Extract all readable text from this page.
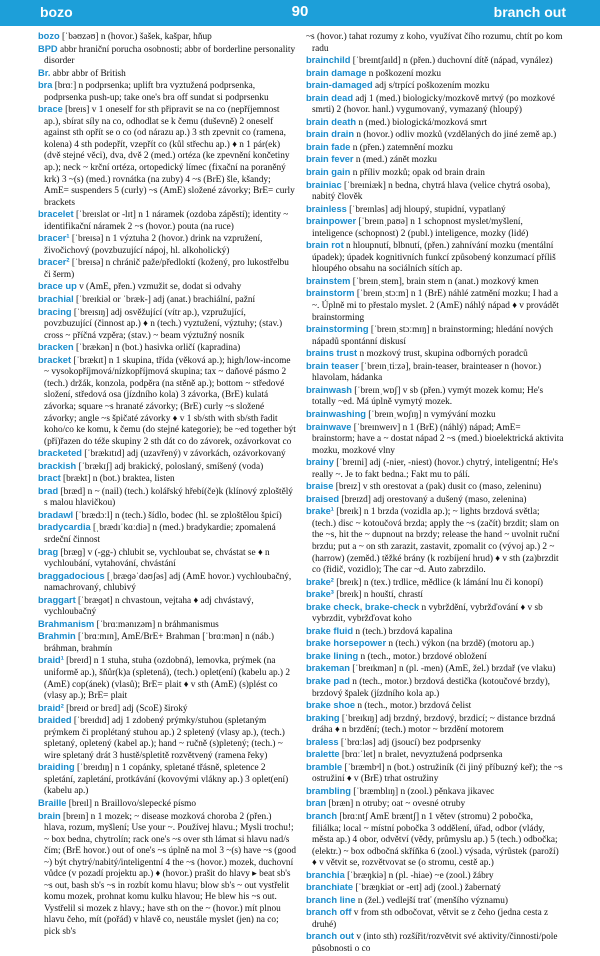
bozo	90	branch out
bozo [ˈbəʊzəʊ] n (hovor.) šašek, kašpar, hňup
BPD abbr hraniční porucha osobnosti; abbr of borderline personality disorder
Br. abbr abbr of British
bra [brɑː] n podprsenka; uplift bra vyztužená podprsenka, podprsenka push-up; take one's bra off sundat si podprsenku
brace [breɪs] v 1 oneself for sth připravit se na co (nepříjemnost ap.), sbírat síly na co, odhodlat se k čemu (duševně) 2 oneself against sth opřít se o co (od nárazu ap.) 3 sth zpevnit co (ramena, kolena) 4 sth podepřít, vzepřít co (kůl střechu ap.) ♦ n 1 pár(ek) (dvě stejné věci), dva, dvě 2 (med.) ortéza (ke zpevnění končetiny ap.); neck ~ krční ortéza, ortopedický límec (fixační na poraněný krk) 3 ~(s) (med.) rovnátka (na zuby) 4 ~s (BrE) šle, kšandy; AmE= suspenders 5 (curly) ~s (AmE) složené závorky; BrE= curly brackets
bracelet [ˈbreɪslət or -lɪt] n 1 náramek (ozdoba zápěstí); identity ~ identifikační náramek 2 ~s (hovor.) pouta (na ruce)
bracer¹ [ˈbreɪsə] n 1 výztuha 2 (hovor.) drink na vzpružení, živočichový (povzbuzující nápoj, hl. alkoholický)
bracer² [ˈbreɪsə] n chránič paže/předloktí (kožený, pro lukostřelbu či šerm)
brace up v (AmE, přen.) vzmužit se, dodat si odvahy
brachial [ˈbreɪkiəl or ˈbræk-] adj (anat.) brachiální, pažní
bracing [ˈbreɪsɪŋ] adj osvěžující (vítr ap.), vzpružující, povzbuzující (činnost ap.) ♦ n (tech.) vyztužení, výztuhy; (stav.) cross ~ příčná vzpěra; (stav.) ~ beam výztužný nosník
bracken [ˈbrækən] n (bot.) hasivka orličí (kapradina)
bracket [ˈbrækɪt] n 1 skupina, třída (věková ap.); high/low-income ~ vysokopříjmová/nízkopříjmová skupina; tax ~ daňové pásmo 2 (tech.) držák, konzola, podpěra (na stěně ap.); bottom ~ středové složení, středová osa (jízdního kola) 3 závorka, (BrE) kulatá závorka; square ~s hranaté závorky; (BrE) curly ~s složené závorky; angle ~s špičaté závorky ♦ v 1 sb/sth with sb/sth řadit koho/co ke komu, k čemu (do stejné kategorie); be ~ed together být (při)řazen do téže skupiny 2 sth dát co do závorek, ozávorkovat co
bracketed [ˈbrækɪtɪd] adj (uzavřený) v závorkách, ozávorkovaný
brackish [ˈbrækɪʃ] adj brakický, poloslaný, smíšený (voda)
bract [brækt] n (bot.) braktea, listen
brad [bræd] n ~ (nail) (tech.) kolářský hřebí(če)k (klínový zploštělý s malou hlavičkou)
bradawl [ˈbrædɔːl] n (tech.) šídlo, bodec (hl. se zploštělou špicí)
bradycardia [ˌbrædɪˈkɑːdiə] n (med.) bradykardie; zpomalená srdeční činnost
brag [bræɡ] v (-gg-) chlubit se, vychloubat se, chvástat se ♦ n vychloubání, vytahování, chvástání
braggadocious [ˌbræɡəˈdəʊʃəs] adj (AmE hovor.) vychloubačný, namachrovaný, chlubivý
braggart [ˈbræɡət] n chvastoun, vejtaha ♦ adj chvástavý, vychloubačný
Brahmanism [ˈbrɑːmənɪzəm] n bráhmanismus
Brahmin [ˈbrɑːmɪn], AmE/BrE+ Brahman [ˈbrɑːmən] n (náb.) bráhman, brahmín
braid¹ [breɪd] n 1 stuha, stuha (ozdobná), lemovka, prýmek (na uniformě ap.), šňůr(k)a (spletená), (tech.) oplet(ení) (kabelu ap.) 2 (AmE) cop(ánek) (vlasů); BrE= plait ♦ v sth (AmE) (s)plést co (vlasy ap.); BrE= plait
braid² [breɪd or brɛd] adj (ScoE) široký
braided [ˈbreɪdɪd] adj 1 zdobený prýmky/stuhou (spletaným prýmkem či proplétaný stuhou ap.) 2 spletený (vlasy ap.), (tech.) spletaný, opletený (kabel ap.); hand ~ ručně (s)pletený; (tech.) ~ wire spletaný drát 3 hustě/spletitě rozvětvený (ramena řeky)
braiding [ˈbreɪdɪŋ] n 1 copánky, spletané třásně, spletence 2 spletání, zapletání, protkávání (kovovými vlákny ap.) 3 oplet(ení) (kabelu ap.)
Braille [breɪl] n Braillovo/slepecké písmo
brain [breɪn] n 1 mozek; ~ disease mozková choroba 2 (přen.) hlava, rozum, myšlení; Use your ~. Používej hlavu.; Mysli trochu!; ~ box bedna, chytrolín; rack one's ~s over sth lámat si hlavu nad/s čím; (BrE hovor.) out of one's ~s úplně na mol 3 ~(s) have ~s (good ~) být chytrý/nabitý/inteligentní 4 the ~s (hovor.) mozek, duchovní vůdce (v pozadí projektu ap.) ♦ (hovor.) prašit do hlavy ▸ beat sb's ~s out, bash sb's ~s in rozbít komu hlavu; blow sb's ~ out vystřelit komu mozek, prohnat komu kulku hlavou; He blew his ~s out. Vystřelil si mozek z hlavy.; have sth on the ~ (hovor.) mít plnou hlavu čeho, mít (pořád) v hlavě co, neustále myslet (jen) na co; pick sb's
~s (hovor.) tahat rozumy z koho, využívat čího rozumu, chtít po kom radu
brainchild [ˈbreɪntʃaɪld] n (přen.) duchovní dítě (nápad, vynález)
brain damage n poškození mozku
brain-damaged adj s/trpící poškozením mozku
brain dead adj 1 (med.) biologicky/mozkově mrtvý (po mozkové smrti) 2 (hovor. hanl.) vygumovaný, vymazaný (hloupý)
brain death n (med.) biologická/mozková smrt
brain drain n (hovor.) odliv mozků (vzdělaných do jiné země ap.)
brain fade n (přen.) zatemnění mozku
brain fever n (med.) zánět mozku
brain gain n příliv mozků; opak od brain drain
brainiac [ˈbreɪniæk] n bedna, chytrá hlava (velice chytrá osoba), nabitý člověk
brainless [ˈbreɪnləs] adj hloupý, stupidní, vypatlaný
brainpower [ˈbreɪnˌpaʊə] n 1 schopnost myslet/myšlení, inteligence (schopnost) 2 (publ.) inteligence, mozky (lidé)
brain rot n hloupnutí, blbnutí, (přen.) zahnívání mozku (mentální úpadek); úpadek kognitivních funkcí způsobený konzumací příliš hloupého obsahu na sociálních sítích ap.
brainstem [ˈbreɪnˌstem], brain stem n (anat.) mozkový kmen
brainstorm [ˈbreɪnˌstɔːm] n 1 (BrE) náhlé zatmění mozku; I had a ~. Úplně mi to přestalo myslet. 2 (AmE) náhlý nápad ♦ v provádět brainstorming
brainstorming [ˈbreɪnˌstɔːmɪŋ] n brainstorming; hledání nových nápadů spontánní diskusí
brains trust n mozkový trust, skupina odborných poradců
brain teaser [ˈbreɪnˌtiːzə], brain-teaser, brainteaser n (hovor.) hlavolam, hádanka
brainwash [ˈbreɪnˌwɒʃ] v sb (přen.) vymýt mozek komu; He's totally ~ed. Má úplně vymytý mozek.
brainwashing [ˈbreɪnˌwɒʃɪŋ] n vymývání mozku
brainwave [ˈbreɪnweɪv] n 1 (BrE) (náhlý) nápad; AmE= brainstorm; have a ~ dostat nápad 2 ~s (med.) bioelektrická aktivita mozku, mozkové vlny
brainy [ˈbreɪni] adj (-nier, -niest) (hovor.) chytrý, inteligentní; He's really ~. Je to fakt bedna.; Fakt mu to pálí.
braise [breɪz] v sth orestovat a (pak) dusit co (maso, zeleninu)
braised [breɪzd] adj orestovaný a dušený (maso, zelenina)
brake¹ [breɪk] n 1 brzda (vozidla ap.); ~ lights brzdová světla; (tech.) disc ~ kotoučová brzda; apply the ~s (začít) brzdit; slam on the ~s, hit the ~ dupnout na brzdy; release the hand ~ uvolnit ruční brzdu; put a ~ on sth zarazit, zastavit, zpomalit co (vývoj ap.) 2 ~ (harrow) (zeměd.) těžké brány (k rozbíjení hrud) ♦ v sth (za)brzdit co (řidič, vozidlo); The car ~d. Auto zabrzdilo.
brake² [breɪk] n (tex.) trdlice, mědlice (k lámání lnu či konopí)
brake³ [breɪk] n houští, chrastí
brake check, brake-check n vybrždění, vybržďování ♦ v sb vybrzdit, vybržďovat koho
brake fluid n (tech.) brzdová kapalina
brake horsepower n (tech.) výkon (na brzdě) (motoru ap.)
brake lining n (tech., motor.) brzdové obložení
brakeman [ˈbreɪkmən] n (pl. -men) (AmE, žel.) brzdař (ve vlaku)
brake pad n (tech., motor.) brzdová destička (kotoučové brzdy), brzdový špalek (jízdního kola ap.)
brake shoe n (tech., motor.) brzdová čelist
braking [ˈbreɪkɪŋ] adj brzdný, brzdový, brzdicí; ~ distance brzdná dráha ♦ n brzdění; (tech.) motor ~ brzdění motorem
braless [ˈbrɑːləs] adj (jsoucí) bez podprsenky
bralette [brɑːˈlet] n bralet, nevyztužená podprsenka
bramble [ˈbræmbᵊl] n (bot.) ostružiník (či jiný příbuzný keř); the ~s ostružiní ♦ v (BrE) trhat ostružiny
brambling [ˈbræmblɪŋ] n (zool.) pěnkava jikavec
bran [bræn] n otruby; oat ~ ovesné otruby
branch [brɑːntʃ AmE bræntʃ] n 1 větev (stromu) 2 pobočka, filiálka; local ~ místní pobočka 3 oddělení, úřad, odbor (vlády, města ap.) 4 obor, odvětví (vědy, průmyslu ap.) 5 (tech.) odbočka; (elektr.) ~ box odbočná skříňka 6 (zool.) výsada, výrůstek (paroží) ♦ v větvit se, rozvětvovat se (o stromu, cestě ap.)
branchia [ˈbræŋkiə] n (pl. -hiae) ~e (zool.) žábry
branchiate [ˈbræŋkiət or -eɪt] adj (zool.) žabernatý
branch line n (žel.) vedlejší trať (menšího významu)
branch off v from sth odbočovat, větvit se z čeho (jedna cesta z druhé)
branch out v (into sth) rozšířit/rozvětvit své aktivity/činnosti/pole působnosti o co
